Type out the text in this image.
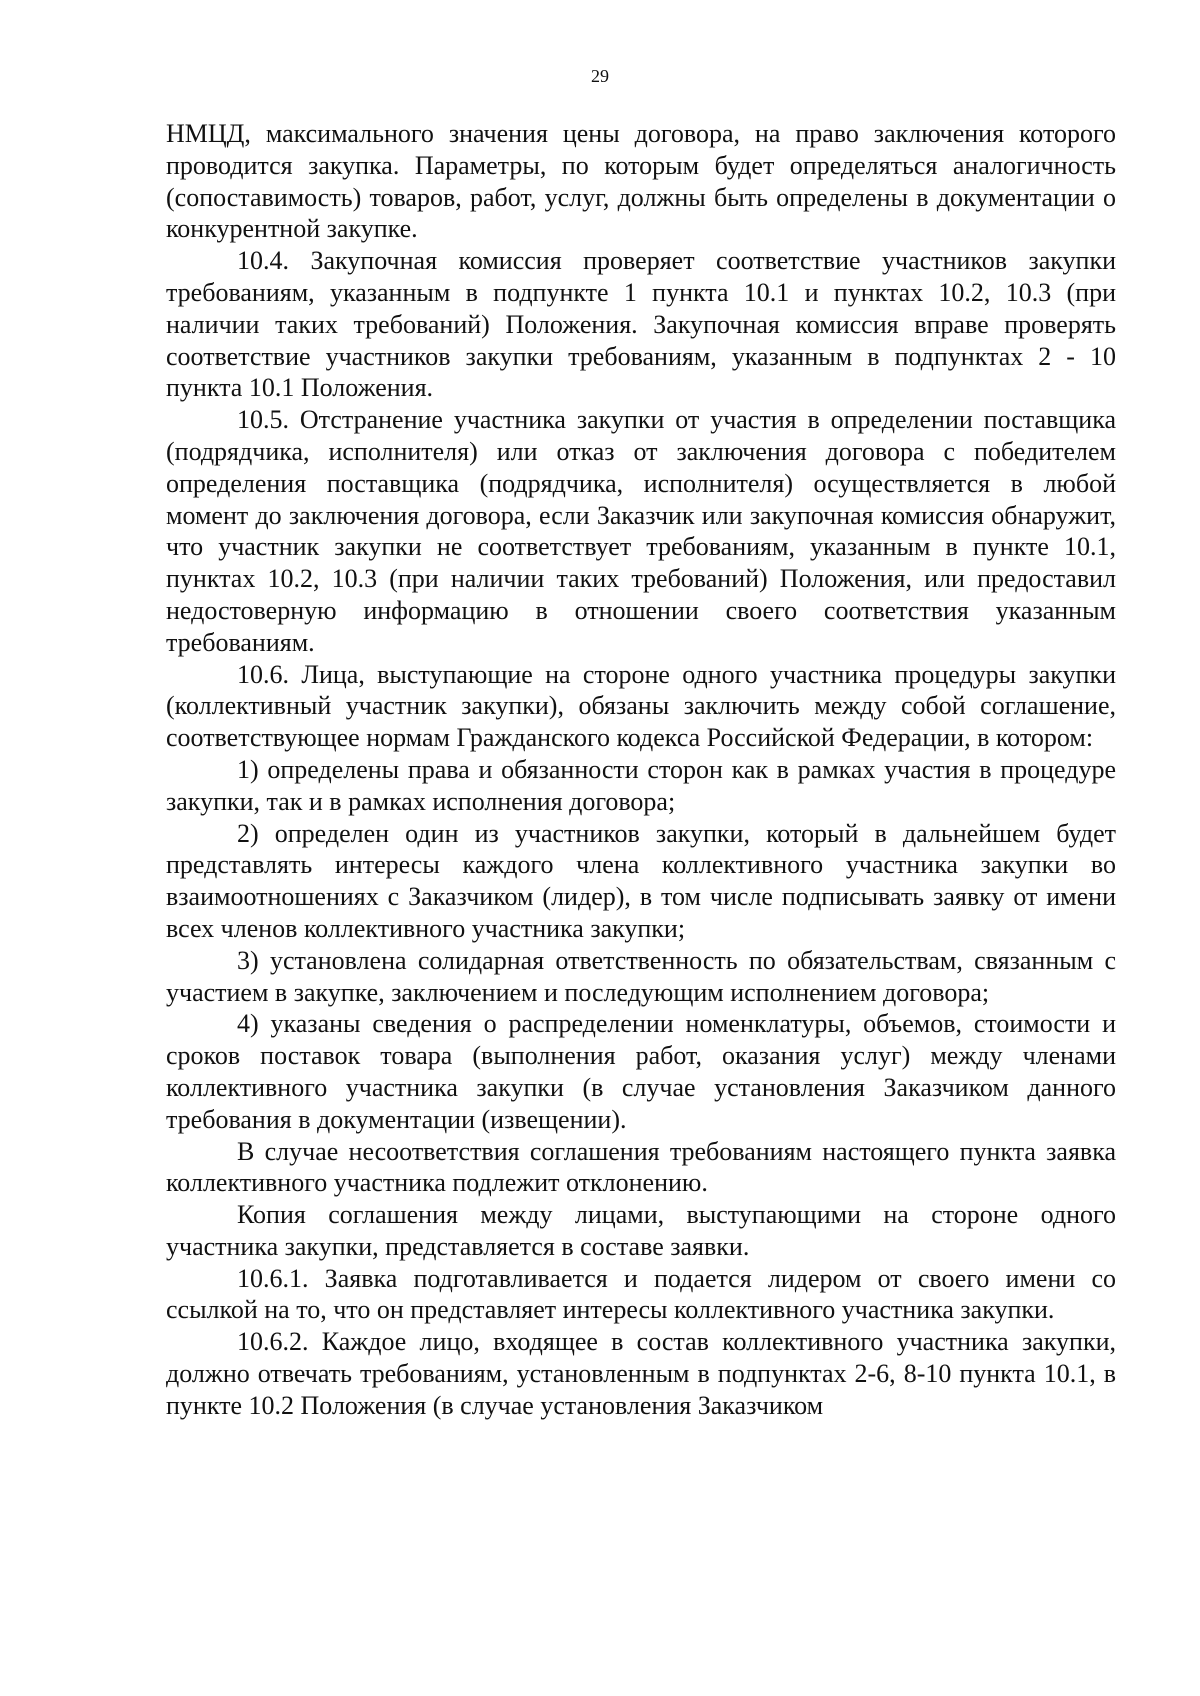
29

НМЦД, максимального значения цены договора, на право заключения которого проводится закупка. Параметры, по которым будет определяться аналогичность (сопоставимость) товаров, работ, услуг, должны быть определены в документации о конкурентной закупке.

10.4. Закупочная комиссия проверяет соответствие участников закупки требованиям, указанным в подпункте 1 пункта 10.1 и пунктах 10.2, 10.3 (при наличии таких требований) Положения. Закупочная комиссия вправе проверять соответствие участников закупки требованиям, указанным в подпунктах 2 - 10 пункта 10.1 Положения.

10.5. Отстранение участника закупки от участия в определении поставщика (подрядчика, исполнителя) или отказ от заключения договора с победителем определения поставщика (подрядчика, исполнителя) осуществляется в любой момент до заключения договора, если Заказчик или закупочная комиссия обнаружит, что участник закупки не соответствует требованиям, указанным в пункте 10.1, пунктах 10.2, 10.3 (при наличии таких требований) Положения, или предоставил недостоверную информацию в отношении своего соответствия указанным требованиям.

10.6. Лица, выступающие на стороне одного участника процедуры закупки (коллективный участник закупки), обязаны заключить между собой соглашение, соответствующее нормам Гражданского кодекса Российской Федерации, в котором:

1) определены права и обязанности сторон как в рамках участия в процедуре закупки, так и в рамках исполнения договора;

2) определен один из участников закупки, который в дальнейшем будет представлять интересы каждого члена коллективного участника закупки во взаимоотношениях с Заказчиком (лидер), в том числе подписывать заявку от имени всех членов коллективного участника закупки;

3) установлена солидарная ответственность по обязательствам, связанным с участием в закупке, заключением и последующим исполнением договора;

4) указаны сведения о распределении номенклатуры, объемов, стоимости и сроков поставок товара (выполнения работ, оказания услуг) между членами коллективного участника закупки (в случае установления Заказчиком данного требования в документации (извещении).

В случае несоответствия соглашения требованиям настоящего пункта заявка коллективного участника подлежит отклонению.

Копия соглашения между лицами, выступающими на стороне одного участника закупки, представляется в составе заявки.

10.6.1. Заявка подготавливается и подается лидером от своего имени со ссылкой на то, что он представляет интересы коллективного участника закупки.

10.6.2. Каждое лицо, входящее в состав коллективного участника закупки, должно отвечать требованиям, установленным в подпунктах 2-6, 8-10 пункта 10.1, в пункте 10.2 Положения (в случае установления Заказчиком
